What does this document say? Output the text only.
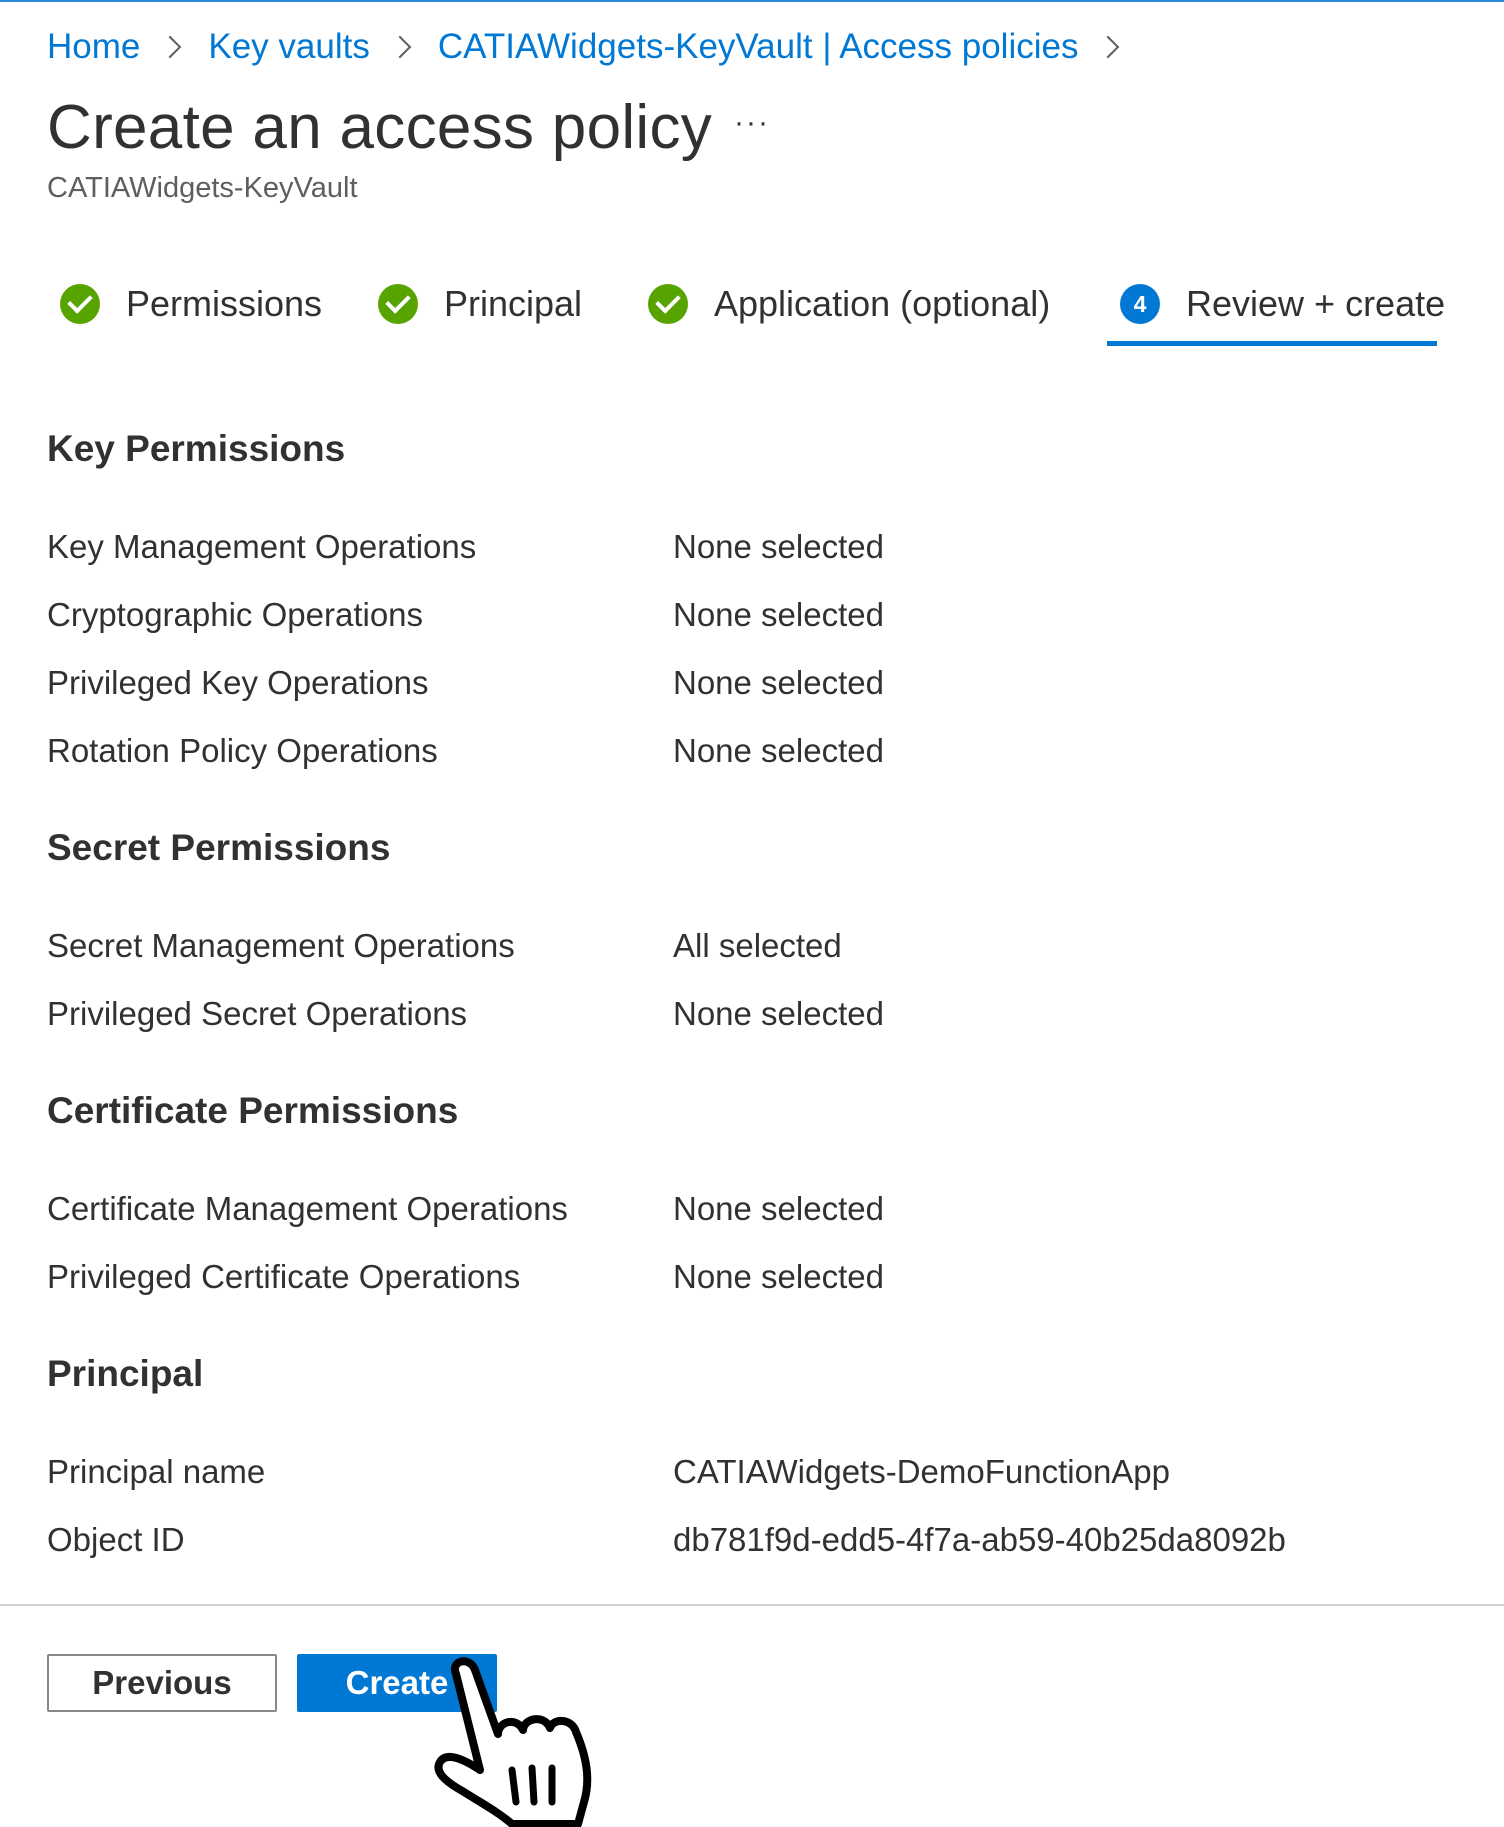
Home Key vaults CATIAWidgets-KeyVault | Access policies
Create an access policy ···
CATIAWidgets-KeyVault
Permissions	Principal	Application (optional)	4	Review + create
Key Permissions
Key Management Operations	None selected
Cryptographic Operations	None selected
Privileged Key Operations	None selected
Rotation Policy Operations	None selected
Secret Permissions
Secret Management Operations	All selected
Privileged Secret Operations	None selected
Certificate Permissions
Certificate Management Operations	None selected
Privileged Certificate Operations	None selected
Principal
Principal name	CATIAWidgets-DemoFunctionApp
Object ID	db781f9d-edd5-4f7a-ab59-40b25da8092b
Previous	Create
